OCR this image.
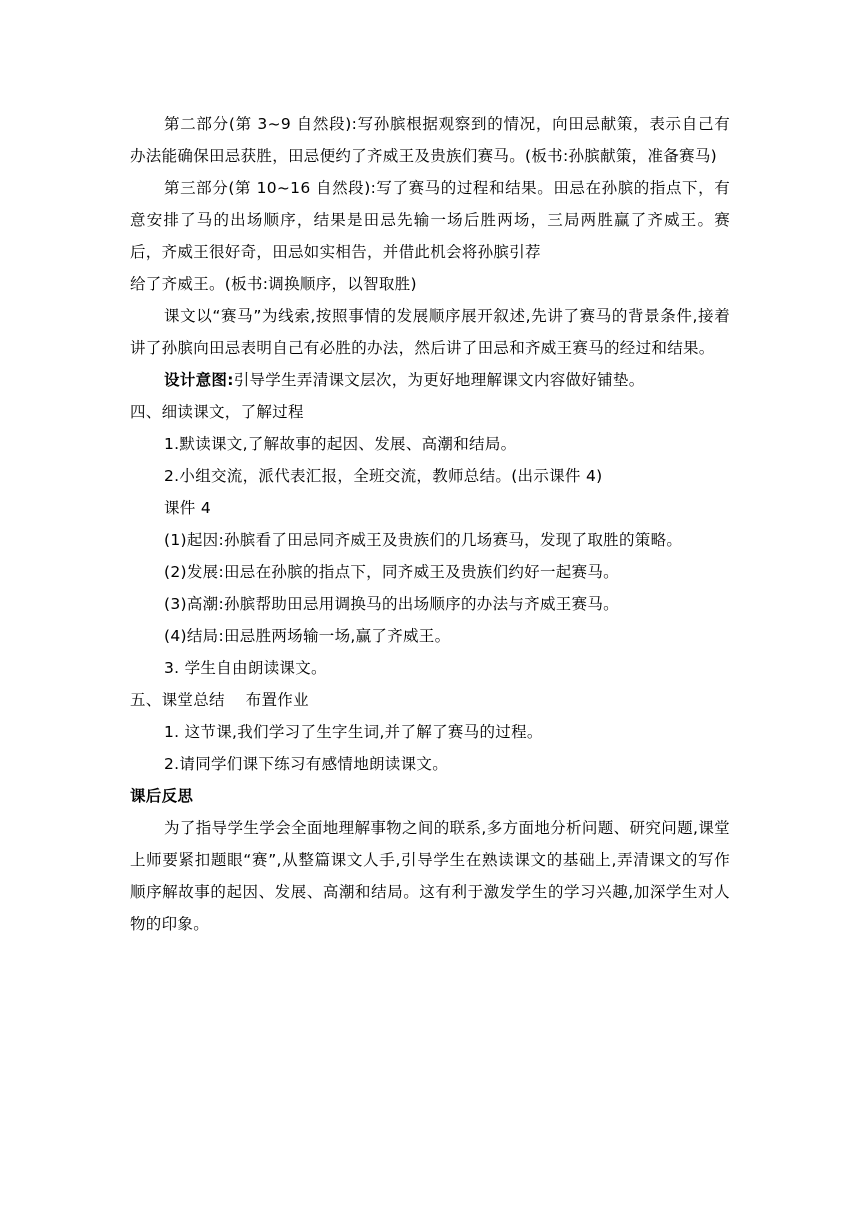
第二部分(第 3~9 自然段):写孙膑根据观察到的情况，向田忌献策，表示自己有办法能确保田忌获胜，田忌便约了齐威王及贵族们赛马。(板书:孙膑献策，准备赛马)

第三部分(第 10~16 自然段):写了赛马的过程和结果。田忌在孙膑的指点下，有意安排了马的出场顺序，结果是田忌先输一场后胜两场，三局两胜赢了齐威王。赛后，齐威王很好奇，田忌如实相告，并借此机会将孙膑引荐

给了齐威王。(板书:调换顺序，以智取胜)

课文以“赛马”为线索,按照事情的发展顺序展开叙述,先讲了赛马的背景条件,接着讲了孙膑向田忌表明自己有必胜的办法，然后讲了田忌和齐威王赛马的经过和结果。

设计意图:引导学生弄清课文层次，为更好地理解课文内容做好铺垫。

四、细读课文，了解过程

1.默读课文,了解故事的起因、发展、高潮和结局。

2.小组交流，派代表汇报，全班交流，教师总结。(出示课件 4)

课件 4

(1)起因:孙膑看了田忌同齐威王及贵族们的几场赛马，发现了取胜的策略。

(2)发展:田忌在孙膑的指点下，同齐威王及贵族们约好一起赛马。

(3)高潮:孙膑帮助田忌用调换马的出场顺序的办法与齐威王赛马。

(4)结局:田忌胜两场输一场,赢了齐威王。

3. 学生自由朗读课文。

五、课堂总结    布置作业

1. 这节课,我们学习了生字生词,并了解了赛马的过程。

2.请同学们课下练习有感情地朗读课文。

课后反思

为了指导学生学会全面地理解事物之间的联系,多方面地分析问题、研究问题,课堂上师要紧扣题眼“赛”,从整篇课文人手,引导学生在熟读课文的基础上,弄清课文的写作顺序解故事的起因、发展、高潮和结局。这有利于激发学生的学习兴趣,加深学生对人物的印象。
